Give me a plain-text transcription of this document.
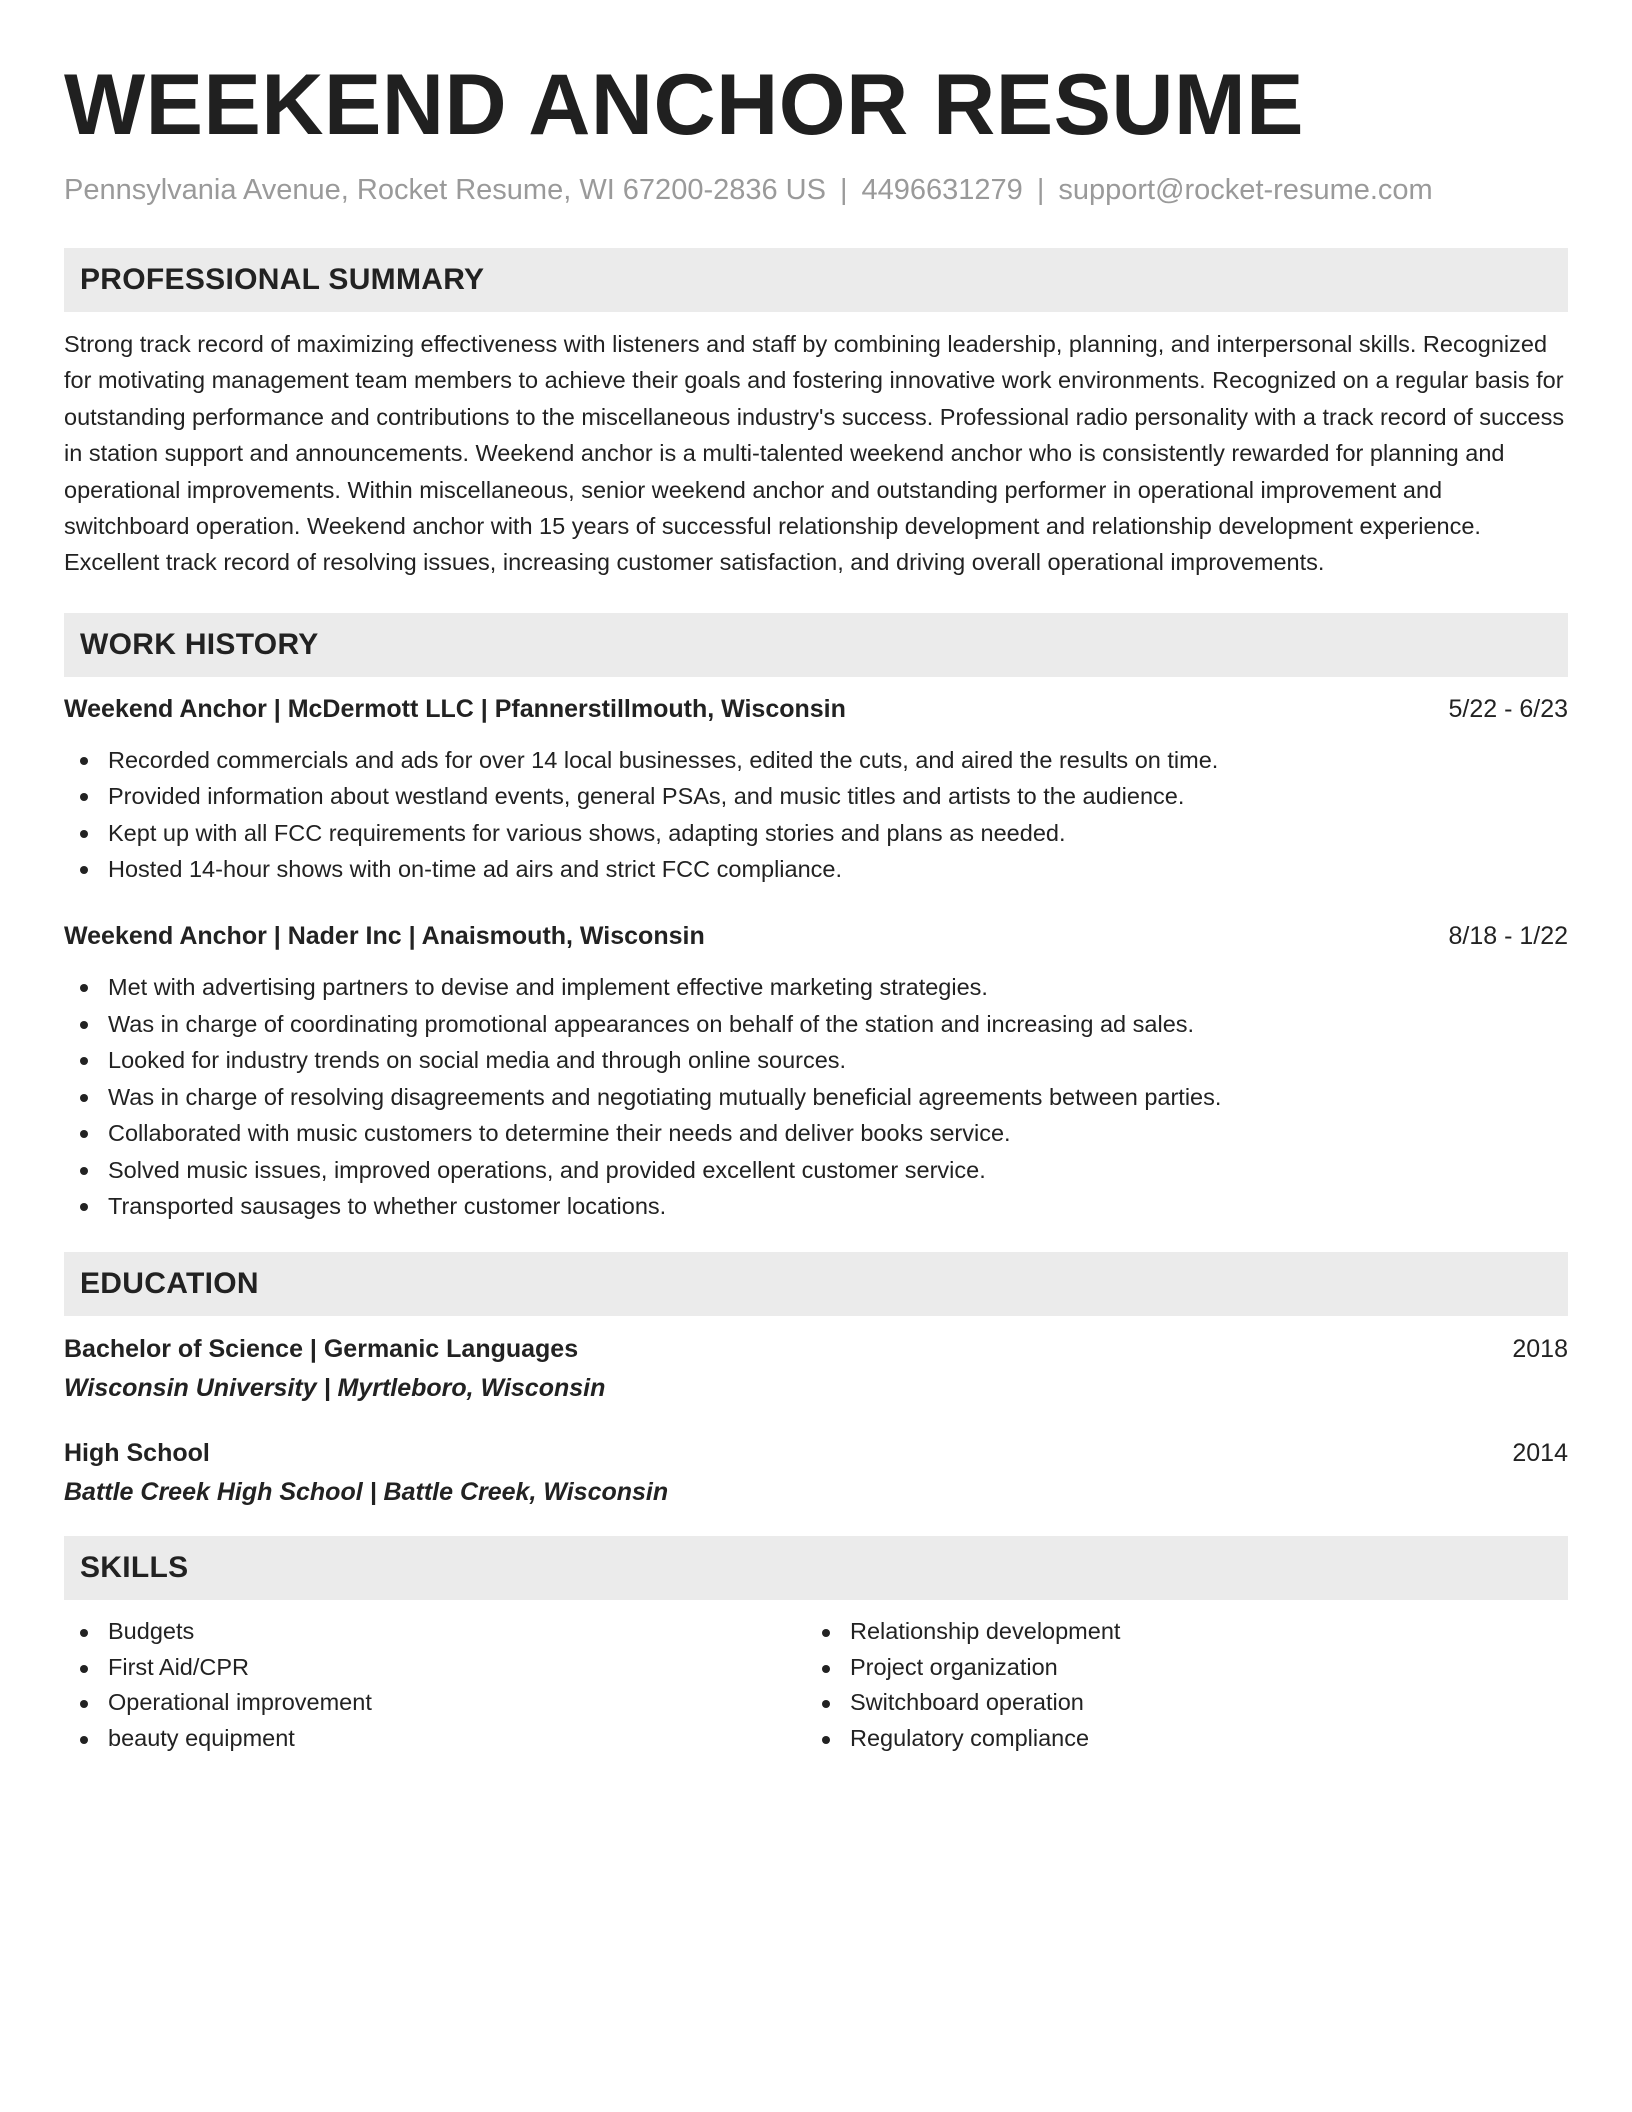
WEEKEND ANCHOR RESUME
Pennsylvania Avenue, Rocket Resume, WI 67200-2836 US | 4496631279 | support@rocket-resume.com
PROFESSIONAL SUMMARY

Strong track record of maximizing effectiveness with listeners and staff by combining leadership, planning, and interpersonal skills. Recognized for motivating management team members to achieve their goals and fostering innovative work environments. Recognized on a regular basis for outstanding performance and contributions to the miscellaneous industry's success. Professional radio personality with a track record of success in station support and announcements. Weekend anchor is a multi-talented weekend anchor who is consistently rewarded for planning and operational improvements. Within miscellaneous, senior weekend anchor and outstanding performer in operational improvement and switchboard operation. Weekend anchor with 15 years of successful relationship development and relationship development experience. Excellent track record of resolving issues, increasing customer satisfaction, and driving overall operational improvements.

WORK HISTORY
Weekend Anchor | McDermott LLC | Pfannerstillmouth, Wisconsin	5/22 - 6/23
Recorded commercials and ads for over 14 local businesses, edited the cuts, and aired the results on time.
Provided information about westland events, general PSAs, and music titles and artists to the audience.
Kept up with all FCC requirements for various shows, adapting stories and plans as needed.
Hosted 14-hour shows with on-time ad airs and strict FCC compliance.
Weekend Anchor | Nader Inc | Anaismouth, Wisconsin	8/18 - 1/22
Met with advertising partners to devise and implement effective marketing strategies.
Was in charge of coordinating promotional appearances on behalf of the station and increasing ad sales.
Looked for industry trends on social media and through online sources.
Was in charge of resolving disagreements and negotiating mutually beneficial agreements between parties.
Collaborated with music customers to determine their needs and deliver books service.
Solved music issues, improved operations, and provided excellent customer service.
Transported sausages to whether customer locations.
EDUCATION
Bachelor of Science | Germanic Languages	2018
Wisconsin University | Myrtleboro, Wisconsin
High School	2014
Battle Creek High School | Battle Creek, Wisconsin
SKILLS
Budgets
First Aid/CPR
Operational improvement
beauty equipment
Relationship development
Project organization
Switchboard operation
Regulatory compliance
